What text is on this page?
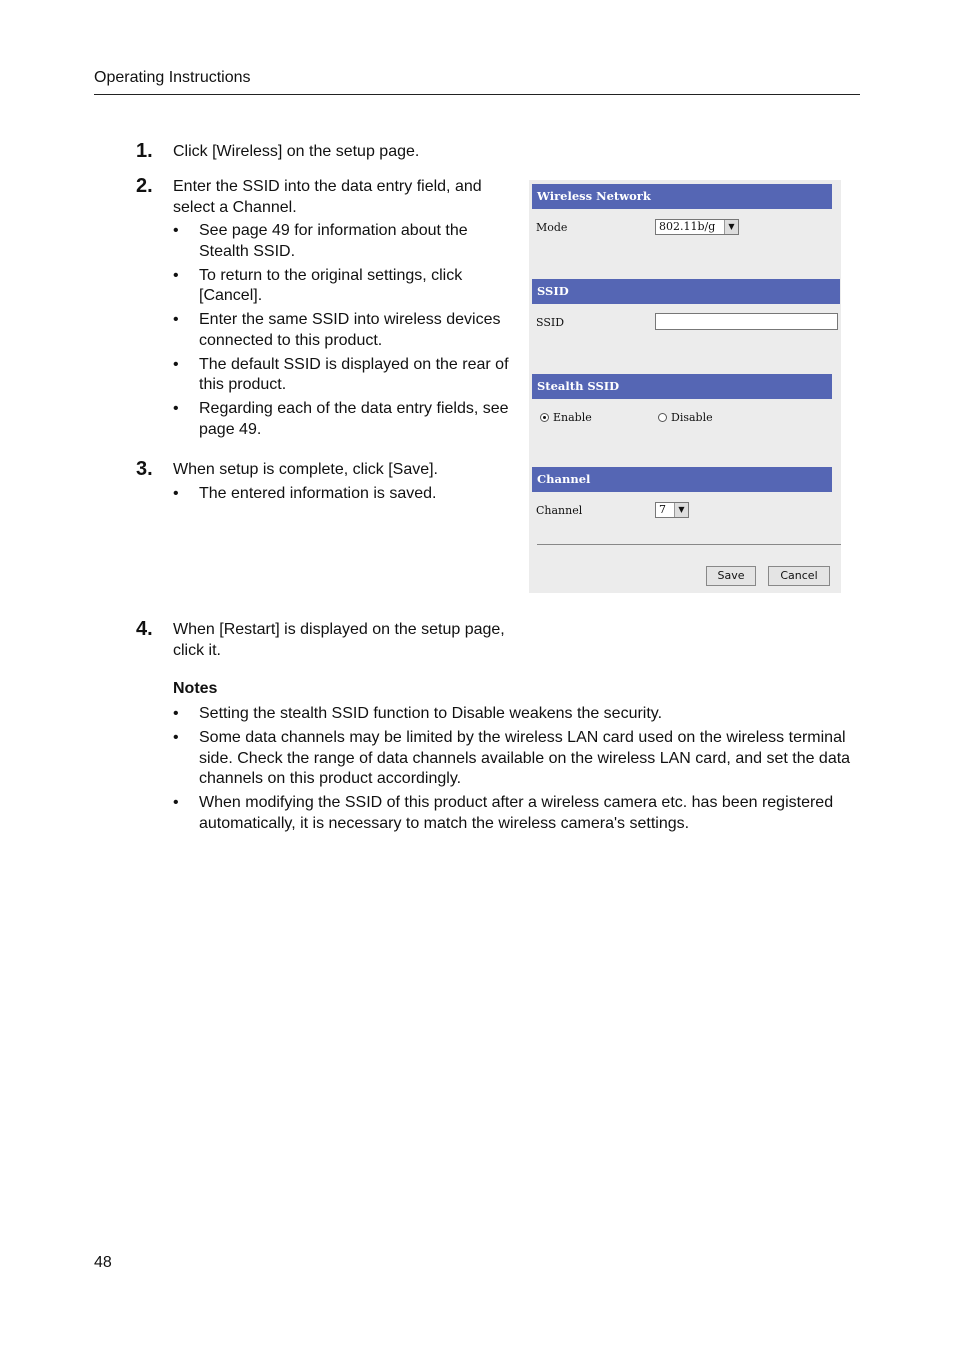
Operating Instructions
1. Click [Wireless] on the setup page.
2. Enter the SSID into the data entry field, and select a Channel.
• See page 49 for information about the Stealth SSID.
• To return to the original settings, click [Cancel].
• Enter the same SSID into wireless devices connected to this product.
• The default SSID is displayed on the rear of this product.
• Regarding each of the data entry fields, see page 49.
3. When setup is complete, click [Save].
• The entered information is saved.
4. When [Restart] is displayed on the setup page, click it.
Notes
• Setting the stealth SSID function to Disable weakens the security.
• Some data channels may be limited by the wireless LAN card used on the wireless terminal side. Check the range of data channels available on the wireless LAN card, and set the data channels on this product accordingly.
• When modifying the SSID of this product after a wireless camera etc. has been registered automatically, it is necessary to match the wireless camera's settings.
Wireless Network
Mode	802.11b/g	▼
SSID
SSID
Stealth SSID
Enable	Disable
Channel
Channel	7	▼
Save	Cancel
48
